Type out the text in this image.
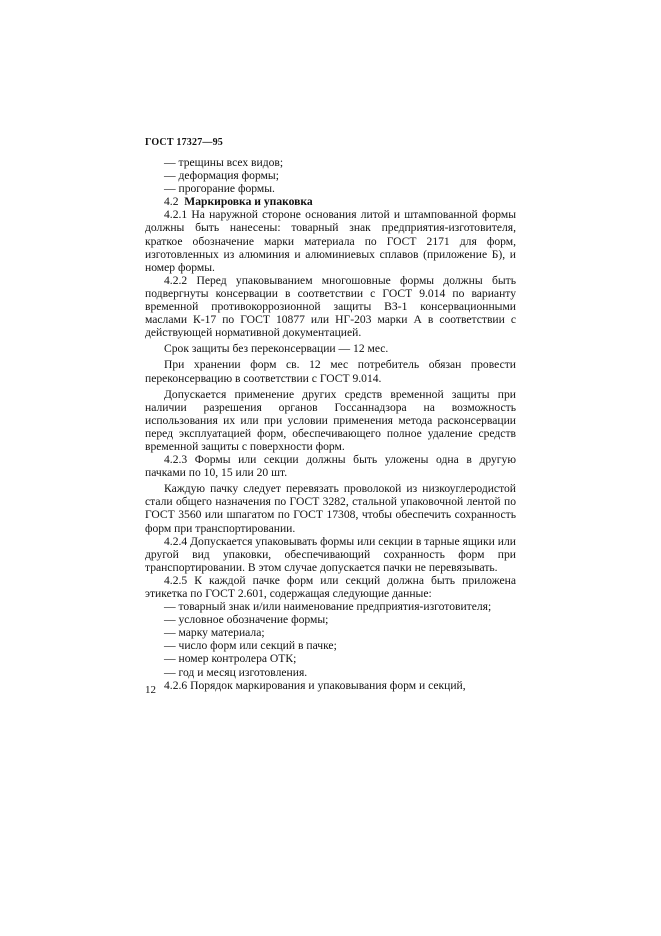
ГОСТ 17327—95

— трещины всех видов;

— деформация формы;

— прогорание формы.

4.2 Маркировка и упаковка

4.2.1 На наружной стороне основания литой и штампованной формы должны быть нанесены: товарный знак предприятия-изготовителя, краткое обозначение марки материала по ГОСТ 2171 для форм, изготовленных из алюминия и алюминиевых сплавов (приложение Б), и номер формы.

4.2.2 Перед упаковыванием многошовные формы должны быть подвергнуты консервации в соответствии с ГОСТ 9.014 по варианту временной противокоррозионной защиты ВЗ-1 консервационными маслами К-17 по ГОСТ 10877 или НГ-203 марки А в соответствии с действующей нормативной документацией.

Срок защиты без переконсервации — 12 мес.

При хранении форм св. 12 мес потребитель обязан провести переконсервацию в соответствии с ГОСТ 9.014.

Допускается применение других средств временной защиты при наличии разрешения органов Госсаннадзора на возможность использования их или при условии применения метода расконсервации перед эксплуатацией форм, обеспечивающего полное удаление средств временной защиты с поверхности форм.

4.2.3 Формы или секции должны быть уложены одна в другую пачками по 10, 15 или 20 шт.

Каждую пачку следует перевязать проволокой из низкоуглеродистой стали общего назначения по ГОСТ 3282, стальной упаковочной лентой по ГОСТ 3560 или шпагатом по ГОСТ 17308, чтобы обеспечить сохранность форм при транспортировании.

4.2.4 Допускается упаковывать формы или секции в тарные ящики или другой вид упаковки, обеспечивающий сохранность форм при транспортировании. В этом случае допускается пачки не перевязывать.

4.2.5 К каждой пачке форм или секций должна быть приложена этикетка по ГОСТ 2.601, содержащая следующие данные:

— товарный знак и/или наименование предприятия-изготовителя;

— условное обозначение формы;

— марку материала;

— число форм или секций в пачке;

— номер контролера ОТК;

— год и месяц изготовления.

4.2.6 Порядок маркирования и упаковывания форм и секций,

12
